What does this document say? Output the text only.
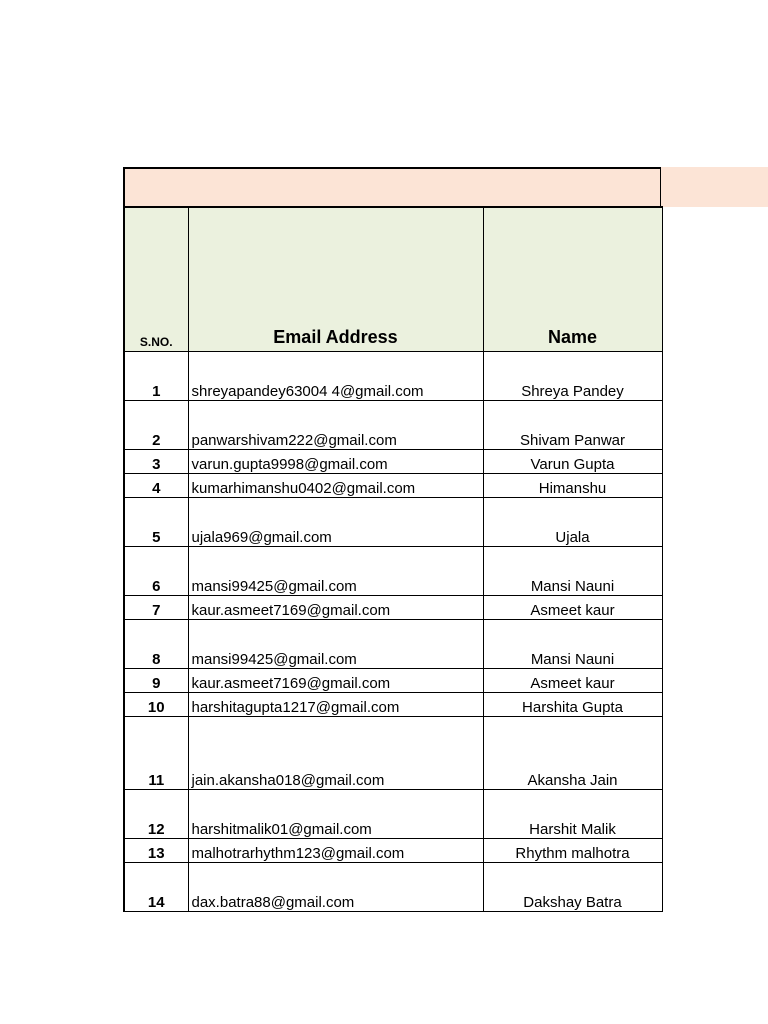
S.NO.	Email Address	Name
1	shreyapandey63004 4@gmail.com	Shreya Pandey
2	panwarshivam222@gmail.com	Shivam Panwar
3	varun.gupta9998@gmail.com	Varun Gupta
4	kumarhimanshu0402@gmail.com	Himanshu
5	ujala969@gmail.com	Ujala
6	mansi99425@gmail.com	Mansi Nauni
7	kaur.asmeet7169@gmail.com	Asmeet kaur
8	mansi99425@gmail.com	Mansi Nauni
9	kaur.asmeet7169@gmail.com	Asmeet kaur
10	harshitagupta1217@gmail.com	Harshita Gupta
11	jain.akansha018@gmail.com	Akansha Jain
12	harshitmalik01@gmail.com	Harshit Malik
13	malhotrarhythm123@gmail.com	Rhythm malhotra
14	dax.batra88@gmail.com	Dakshay Batra
